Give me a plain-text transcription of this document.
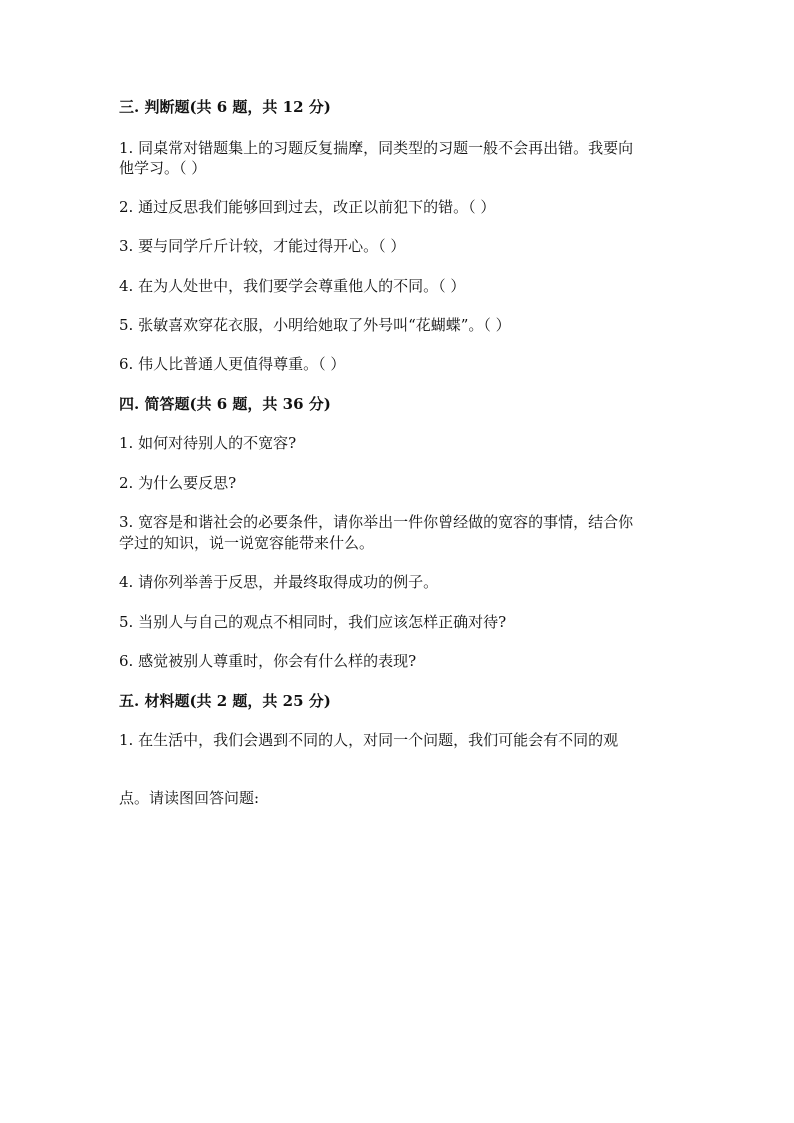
三. 判断题(共 6 题，共 12 分)
1. 同桌常对错题集上的习题反复揣摩，同类型的习题一般不会再出错。我要向
他学习。（ ）
2. 通过反思我们能够回到过去，改正以前犯下的错。（ ）
3. 要与同学斤斤计较，才能过得开心。（ ）
4. 在为人处世中，我们要学会尊重他人的不同。（ ）
5. 张敏喜欢穿花衣服，小明给她取了外号叫“花蝴蝶”。（ ）
6. 伟人比普通人更值得尊重。（ ）
四. 简答题(共 6 题，共 36 分)
1. 如何对待别人的不宽容?
2. 为什么要反思?
3. 宽容是和谐社会的必要条件，请你举出一件你曾经做的宽容的事情，结合你
学过的知识，说一说宽容能带来什么。
4. 请你列举善于反思，并最终取得成功的例子。
5. 当别人与自己的观点不相同时，我们应该怎样正确对待?
6. 感觉被别人尊重时，你会有什么样的表现?
五. 材料题(共 2 题，共 25 分)
1. 在生活中，我们会遇到不同的人，对同一个问题，我们可能会有不同的观
点。请读图回答问题:
